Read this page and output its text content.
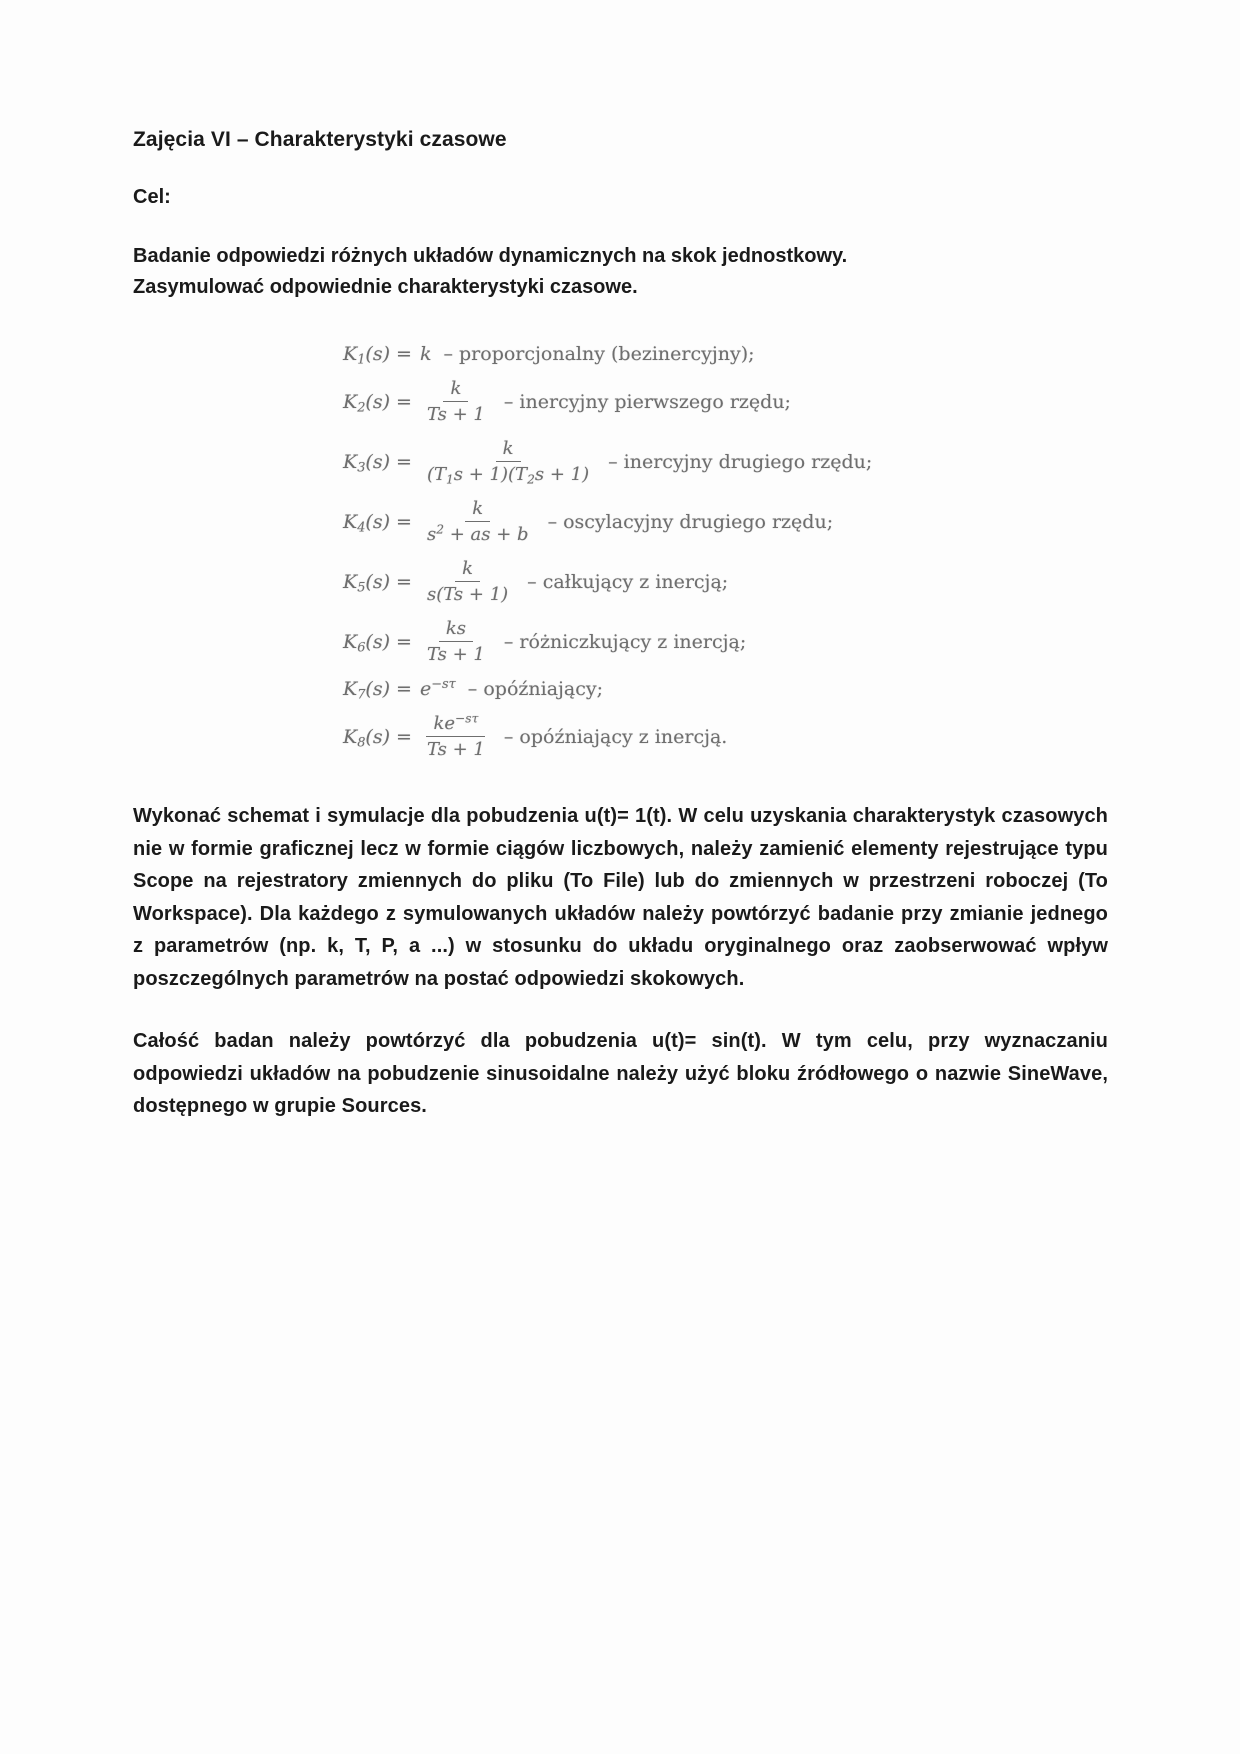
Zajęcia VI – Charakterystyki czasowe

Cel:

Badanie odpowiedzi różnych układów dynamicznych na skok jednostkowy.
Zasymulować odpowiednie charakterystyki czasowe.

$K_1(s) = k$ – proporcjonalny (bezinercyjny);
$K_2(s) = \frac{k}{Ts + 1}$ – inercyjny pierwszego rzędu;
$K_3(s) = \frac{k}{(T_1s + 1)(T_2s + 1)}$ – inercyjny drugiego rzędu;
$K_4(s) = \frac{k}{s^2 + as + b}$ – oscylacyjny drugiego rzędu;
$K_5(s) = \frac{k}{s(Ts + 1)}$ – całkujący z inercją;
$K_6(s) = \frac{ks}{Ts + 1}$ – różniczkujący z inercją;
$K_7(s) = e^{-s\tau}$ – opóźniający;
$K_8(s) = \frac{ke^{-s\tau}}{Ts + 1}$ – opóźniający z inercją.

Wykonać schemat i symulacje dla pobudzenia u(t)= 1(t). W celu uzyskania charakterystyk czasowych nie w formie graficznej lecz w formie ciągów liczbowych, należy zamienić elementy rejestrujące typu Scope na rejestratory zmiennych do pliku (To File) lub do zmiennych w przestrzeni roboczej (To Workspace). Dla każdego z symulowanych układów należy powtórzyć badanie przy zmianie jednego z parametrów (np. k, T, P, a ...) w stosunku do układu oryginalnego oraz zaobserwować wpływ poszczególnych parametrów na postać odpowiedzi skokowych.

Całość badan należy powtórzyć dla pobudzenia u(t)= sin(t). W tym celu, przy wyznaczaniu odpowiedzi układów na pobudzenie sinusoidalne należy użyć bloku źródłowego o nazwie SineWave, dostępnego w grupie Sources.
